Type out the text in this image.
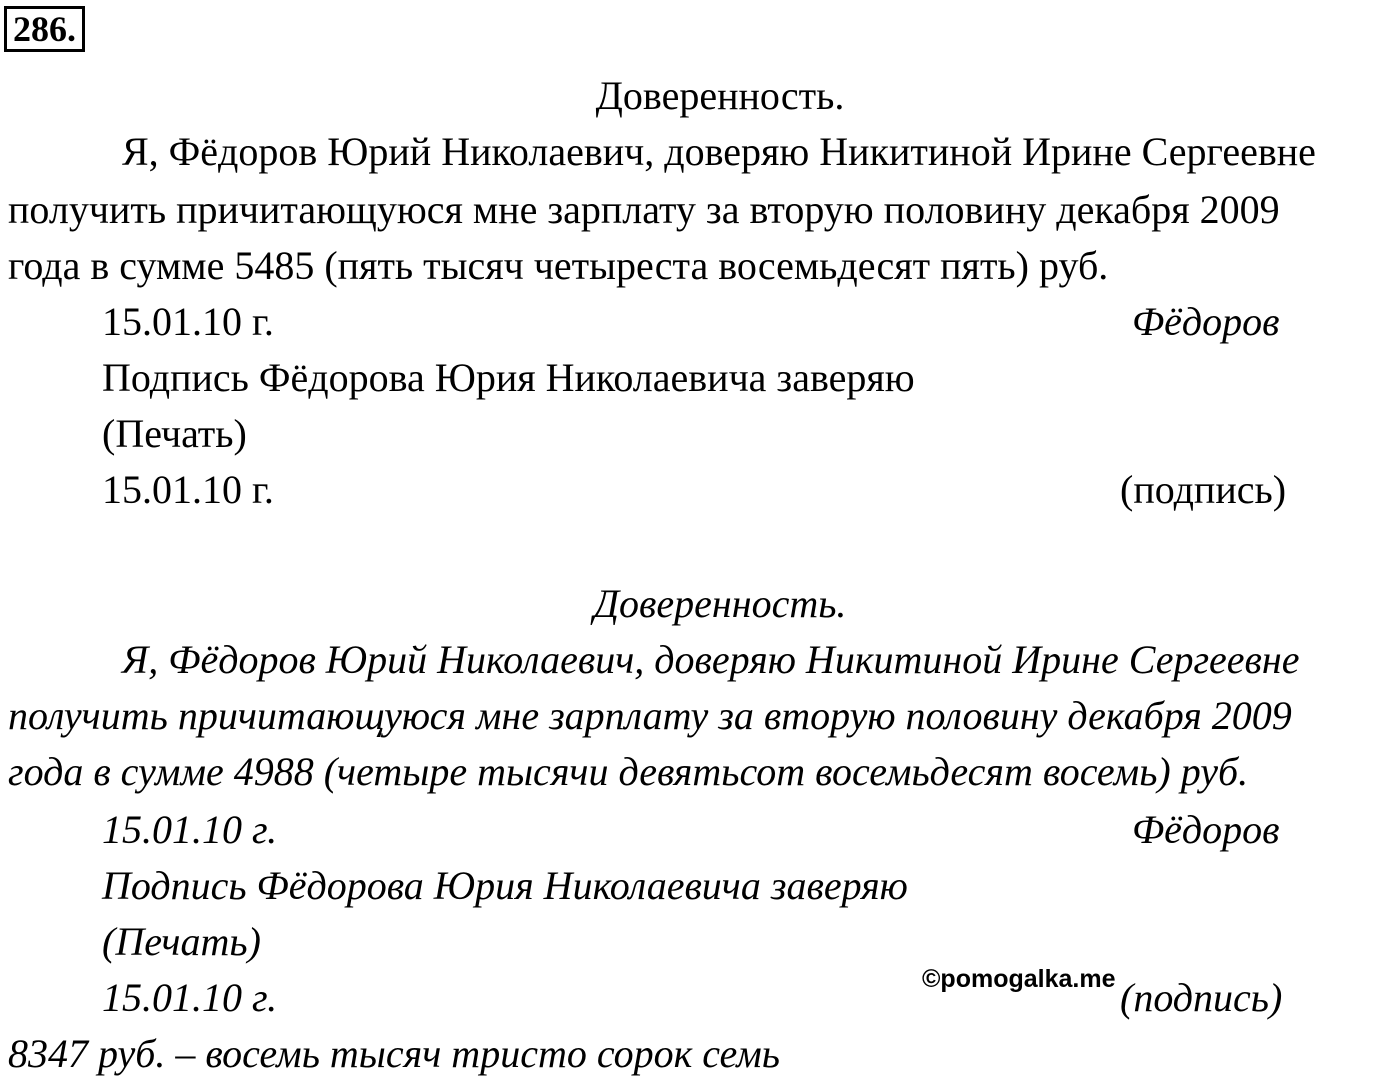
286.
Доверенность.
Я, Фёдоров Юрий Николаевич, доверяю Никитиной Ирине Сергеевне
получить причитающуюся мне зарплату за вторую половину декабря 2009
года в сумме 5485 (пять тысяч четыреста восемьдесят пять) руб.
15.01.10 г.	Фёдоров
Подпись Фёдорова Юрия Николаевича заверяю
(Печать)
15.01.10 г.	(подпись)
Доверенность.
Я, Фёдоров Юрий Николаевич, доверяю Никитиной Ирине Сергеевне
получить причитающуюся мне зарплату за вторую половину декабря 2009
года в сумме 4988 (четыре тысячи девятьсот восемьдесят восемь) руб.
15.01.10 г.	Фёдоров
Подпись Фёдорова Юрия Николаевича заверяю
(Печать)
15.01.10 г.	(подпись)
8347 руб. – восемь тысяч тристо сорок семь
©pomogalka.me
